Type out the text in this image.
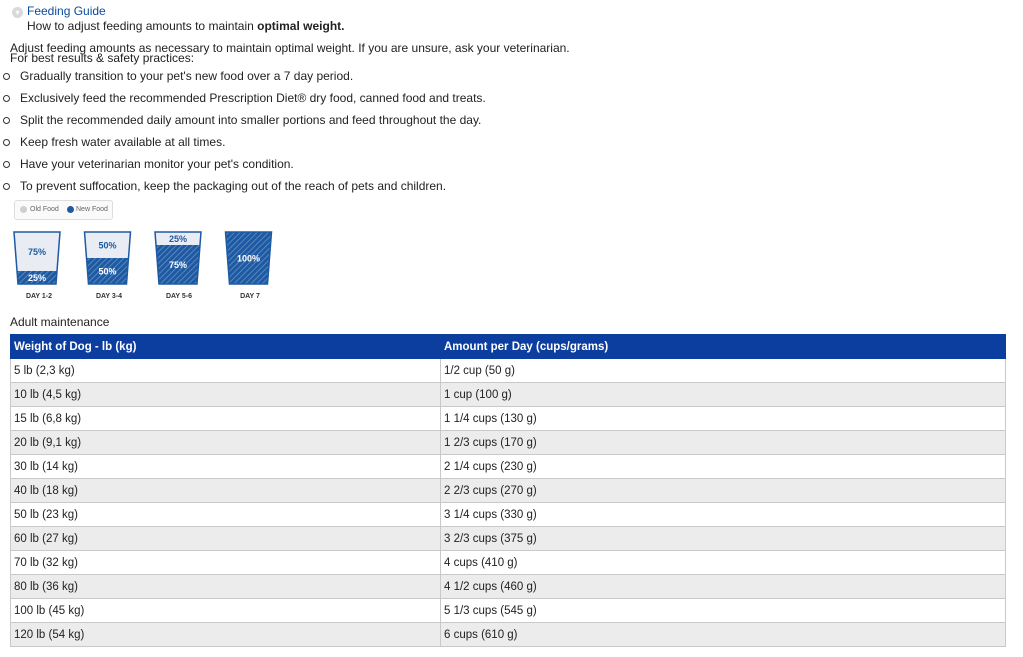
▾ Feeding Guide
How to adjust feeding amounts to maintain optimal weight.
Adjust feeding amounts as necessary to maintain optimal weight. If you are unsure, ask your veterinarian.
For best results & safety practices:
Gradually transition to your pet's new food over a 7 day period.
Exclusively feed the recommended Prescription Diet® dry food, canned food and treats.
Split the recommended daily amount into smaller portions and feed throughout the day.
Keep fresh water available at all times.
Have your veterinarian monitor your pet's condition.
To prevent suffocation, keep the packaging out of the reach of pets and children.
Old Food New Food
75%
25%
50%
50%
25%
75%
100%
DAY 1-2	DAY 3-4	DAY 5-6	DAY 7
Adult maintenance
Weight of Dog - lb (kg)	Amount per Day (cups/grams)
5 lb (2,3 kg)	1/2 cup (50 g)
10 lb (4,5 kg)	1 cup (100 g)
15 lb (6,8 kg)	1 1/4 cups (130 g)
20 lb (9,1 kg)	1 2/3 cups (170 g)
30 lb (14 kg)	2 1/4 cups (230 g)
40 lb (18 kg)	2 2/3 cups (270 g)
50 lb (23 kg)	3 1/4 cups (330 g)
60 lb (27 kg)	3 2/3 cups (375 g)
70 lb (32 kg)	4 cups (410 g)
80 lb (36 kg)	4 1/2 cups (460 g)
100 lb (45 kg)	5 1/3 cups (545 g)
120 lb (54 kg)	6 cups (610 g)
